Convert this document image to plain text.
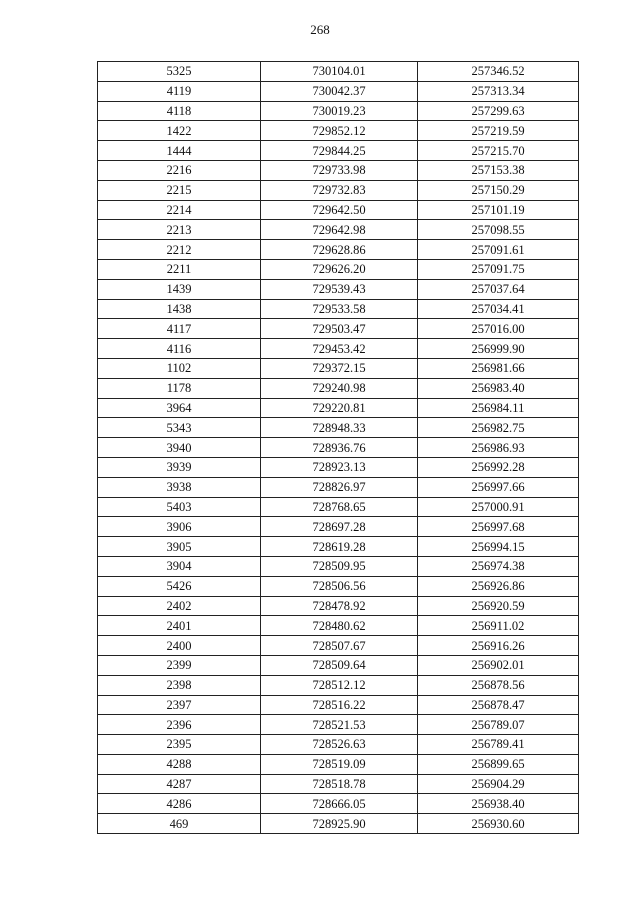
268
5325	730104.01	257346.52
4119	730042.37	257313.34
4118	730019.23	257299.63
1422	729852.12	257219.59
1444	729844.25	257215.70
2216	729733.98	257153.38
2215	729732.83	257150.29
2214	729642.50	257101.19
2213	729642.98	257098.55
2212	729628.86	257091.61
2211	729626.20	257091.75
1439	729539.43	257037.64
1438	729533.58	257034.41
4117	729503.47	257016.00
4116	729453.42	256999.90
1102	729372.15	256981.66
1178	729240.98	256983.40
3964	729220.81	256984.11
5343	728948.33	256982.75
3940	728936.76	256986.93
3939	728923.13	256992.28
3938	728826.97	256997.66
5403	728768.65	257000.91
3906	728697.28	256997.68
3905	728619.28	256994.15
3904	728509.95	256974.38
5426	728506.56	256926.86
2402	728478.92	256920.59
2401	728480.62	256911.02
2400	728507.67	256916.26
2399	728509.64	256902.01
2398	728512.12	256878.56
2397	728516.22	256878.47
2396	728521.53	256789.07
2395	728526.63	256789.41
4288	728519.09	256899.65
4287	728518.78	256904.29
4286	728666.05	256938.40
469	728925.90	256930.60
